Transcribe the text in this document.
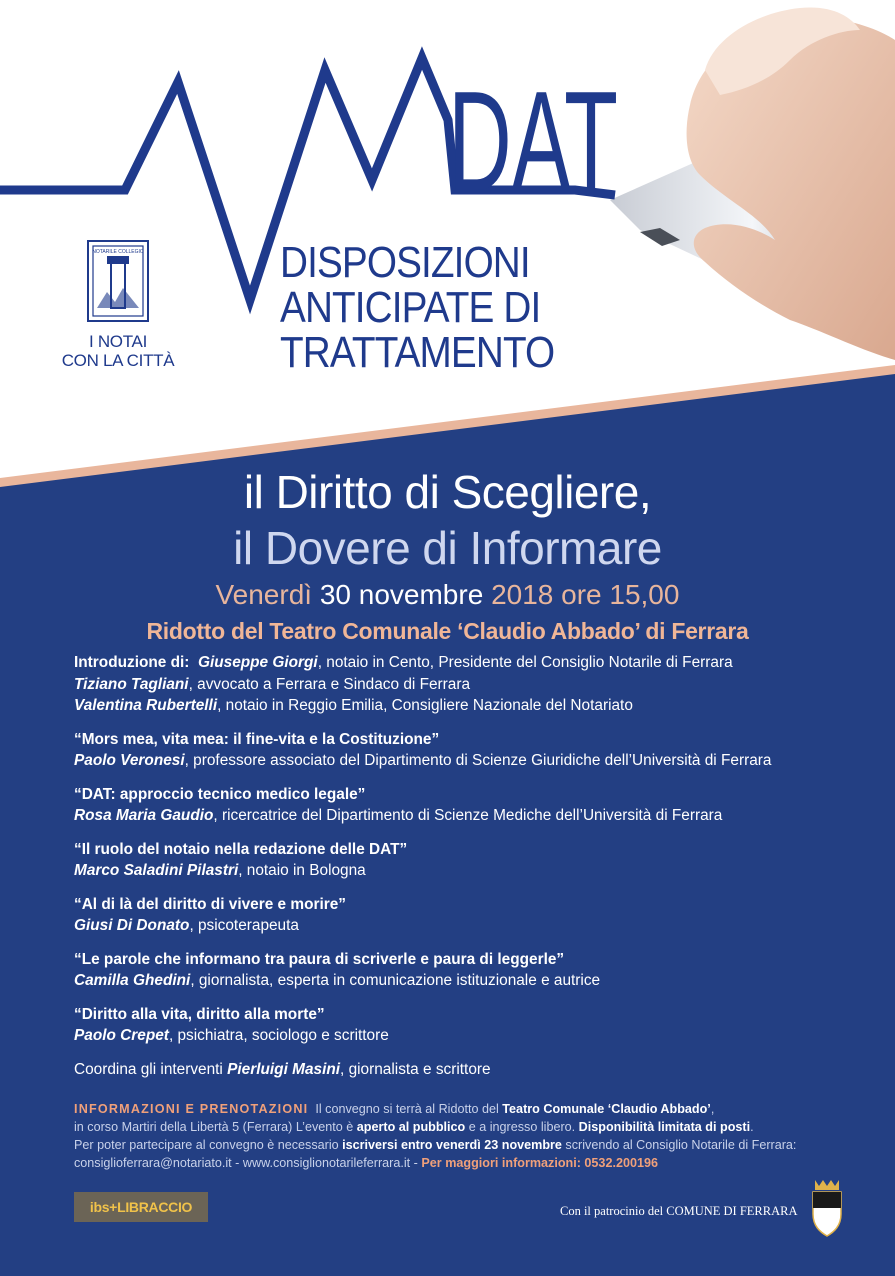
DAT
NOTARILE COLLEGIO
I NOTAI
CON LA CITTÀ
DISPOSIZIONI
ANTICIPATE DI
TRATTAMENTO
il Diritto di Scegliere,
il Dovere di Informare
Venerdì 30 novembre 2018 ore 15,00
Ridotto del Teatro Comunale ‘Claudio Abbado’ di Ferrara
Introduzione di: Giuseppe Giorgi, notaio in Cento, Presidente del Consiglio Notarile di Ferrara
Tiziano Tagliani, avvocato a Ferrara e Sindaco di Ferrara
Valentina Rubertelli, notaio in Reggio Emilia, Consigliere Nazionale del Notariato
“Mors mea, vita mea: il fine-vita e la Costituzione”
Paolo Veronesi, professore associato del Dipartimento di Scienze Giuridiche dell’Università di Ferrara
“DAT: approccio tecnico medico legale”
Rosa Maria Gaudio, ricercatrice del Dipartimento di Scienze Mediche dell’Università di Ferrara
“Il ruolo del notaio nella redazione delle DAT”
Marco Saladini Pilastri, notaio in Bologna
“Al di là del diritto di vivere e morire”
Giusi Di Donato, psicoterapeuta
“Le parole che informano tra paura di scriverle e paura di leggerle”
Camilla Ghedini, giornalista, esperta in comunicazione istituzionale e autrice
“Diritto alla vita, diritto alla morte”
Paolo Crepet, psichiatra, sociologo e scrittore
Coordina gli interventi Pierluigi Masini, giornalista e scrittore
INFORMAZIONI E PRENOTAZIONI Il convegno si terrà al Ridotto del Teatro Comunale ‘Claudio Abbado’,
in corso Martiri della Libertà 5 (Ferrara) L’evento è aperto al pubblico e a ingresso libero. Disponibilità limitata di posti.
Per poter partecipare al convegno è necessario iscriversi entro venerdì 23 novembre scrivendo al Consiglio Notarile di Ferrara:
consiglioferrara@notariato.it - www.consiglionotarileferrara.it - Per maggiori informazioni: 0532.200196
ibs+LIBRACCIO	Con il patrocinio del COMUNE DI FERRARA
